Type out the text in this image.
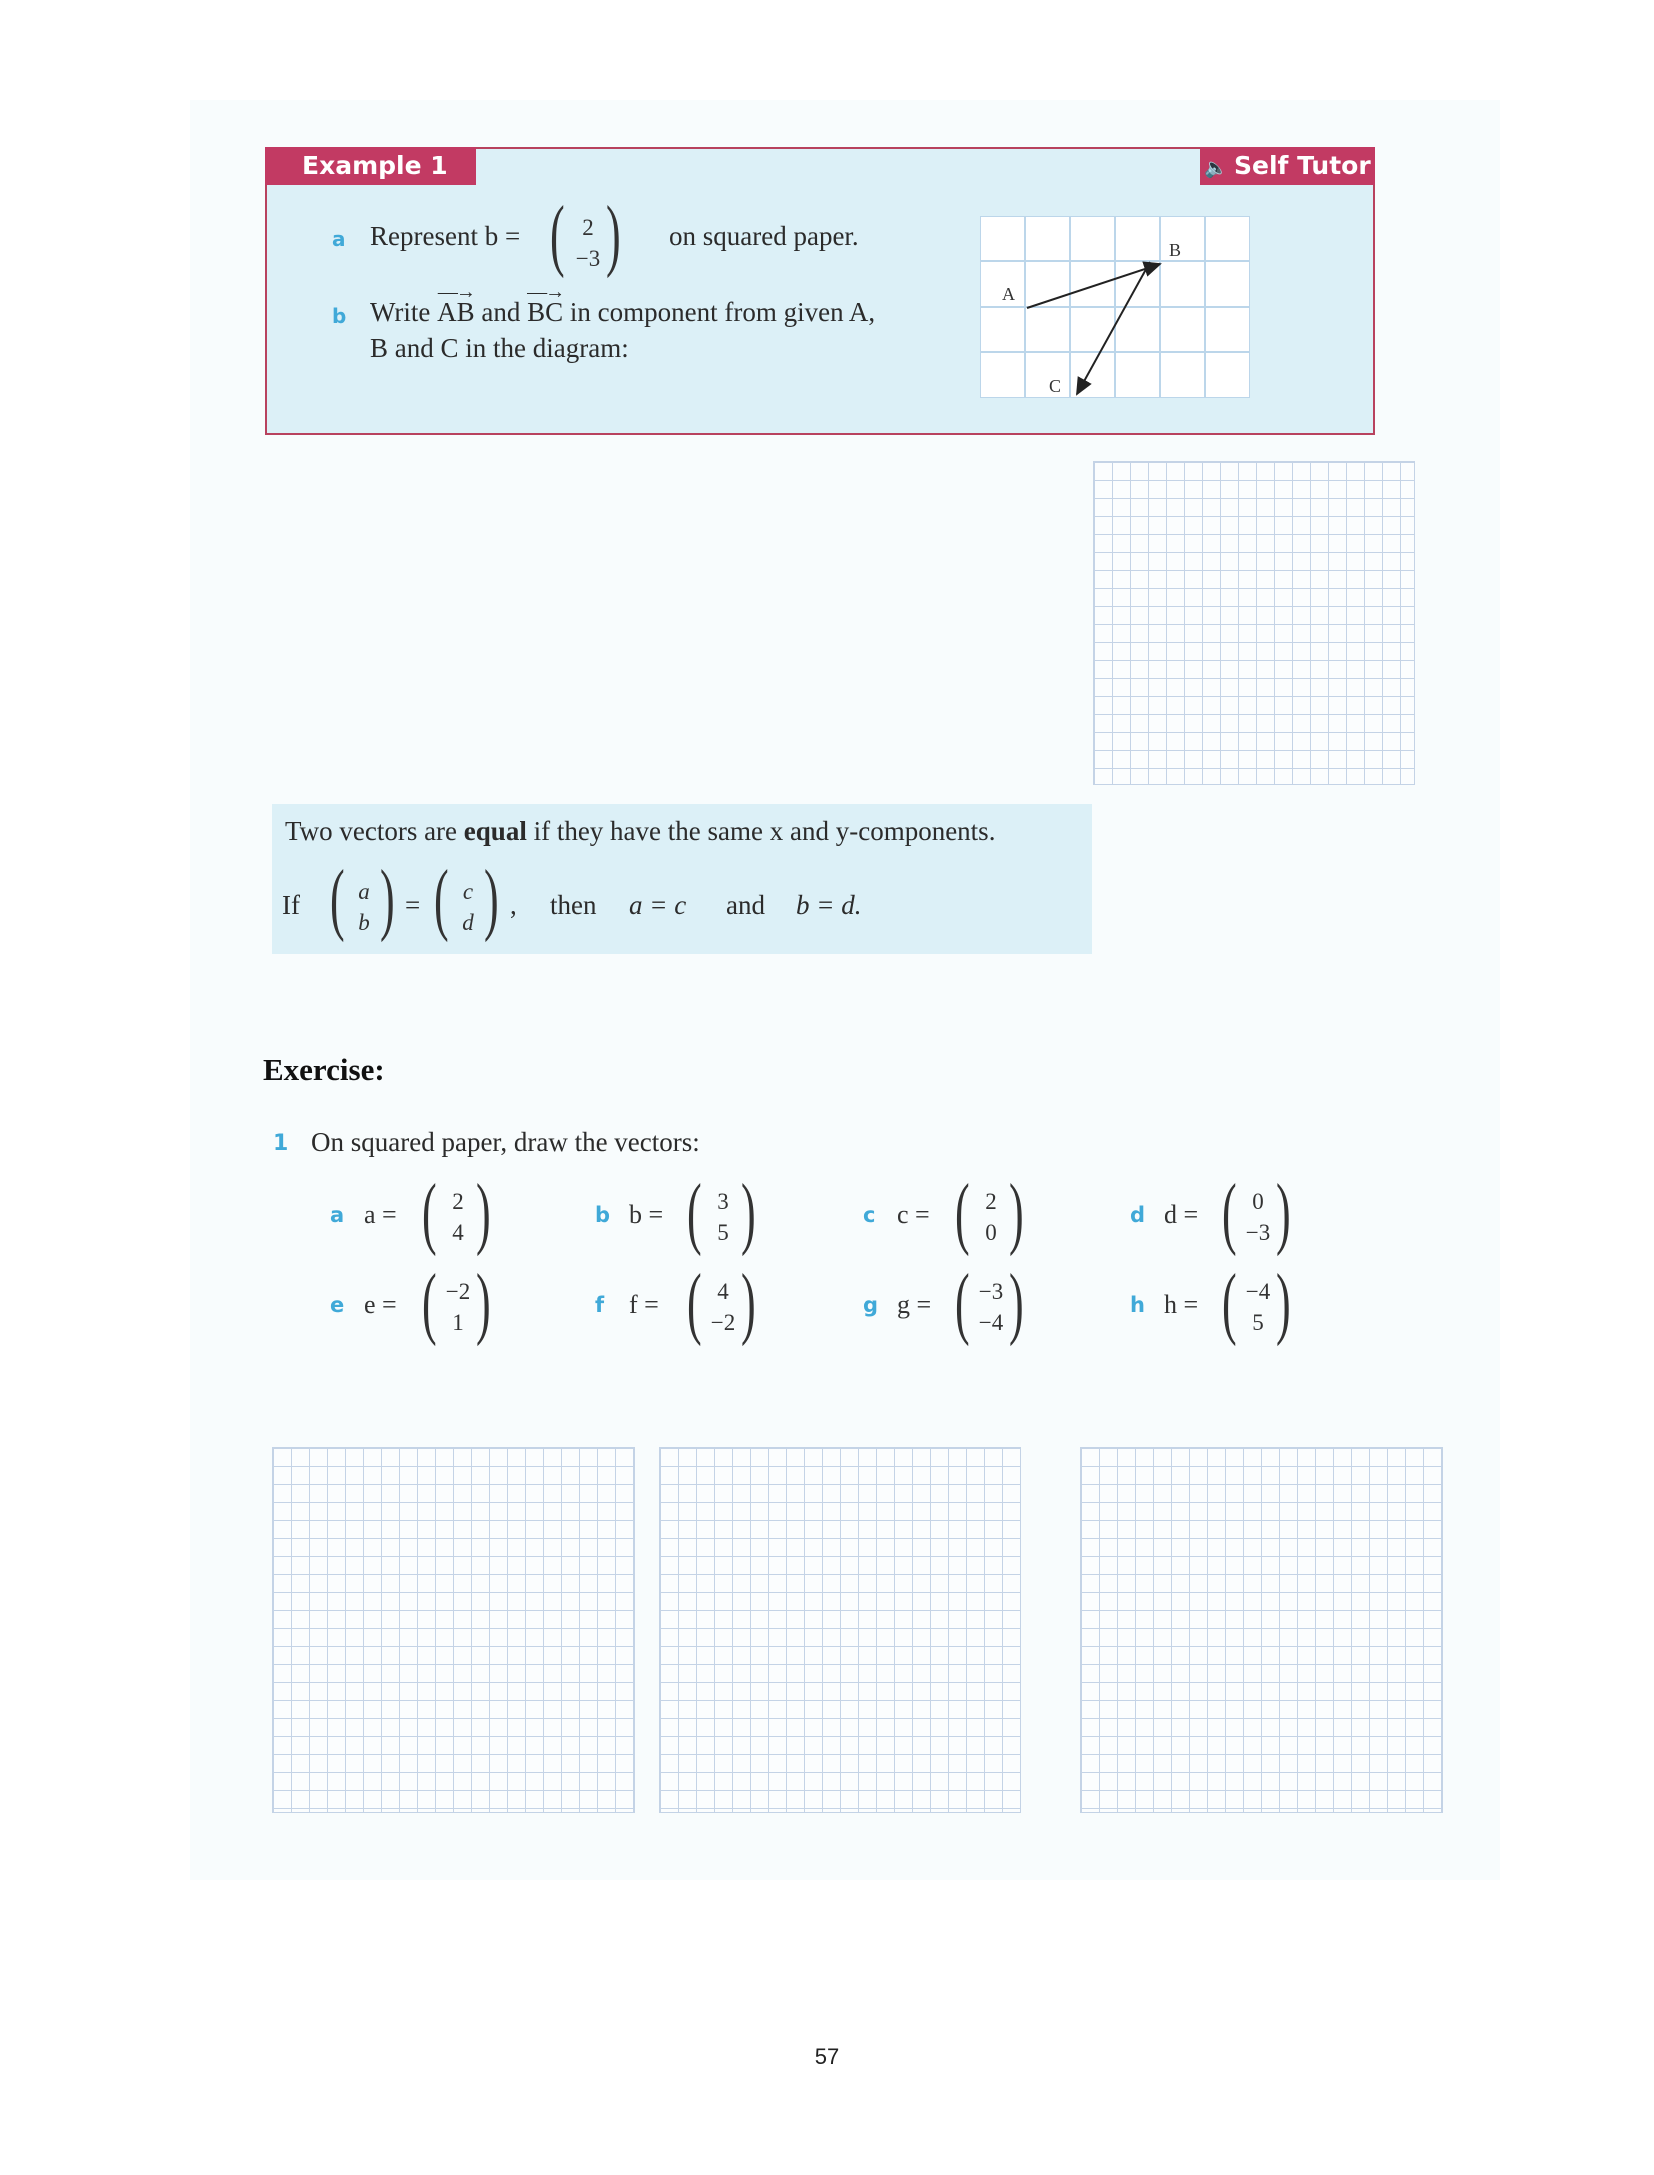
Example 1	🔈 Self Tutor
a Represent b = ( 2
−3 ) on squared paper.
b Write
—→
AB and
—→
BC in component from given A,
B and C in the diagram:
A
B
C
Two vectors are equal if they have the same x and y-components.
If ( a
b ) = ( c
d ) , then a = c and b = d.
Exercise:
1 On squared paper, draw the vectors:
a a = ( 2
4 )	b b = ( 3
5 )	c c = ( 2
0 )	d d = ( 0
−3 )
e e = ( −2
1 )	f f = ( 4
−2 )	g g = ( −3
−4 )	h h = ( −4
5 )
57
